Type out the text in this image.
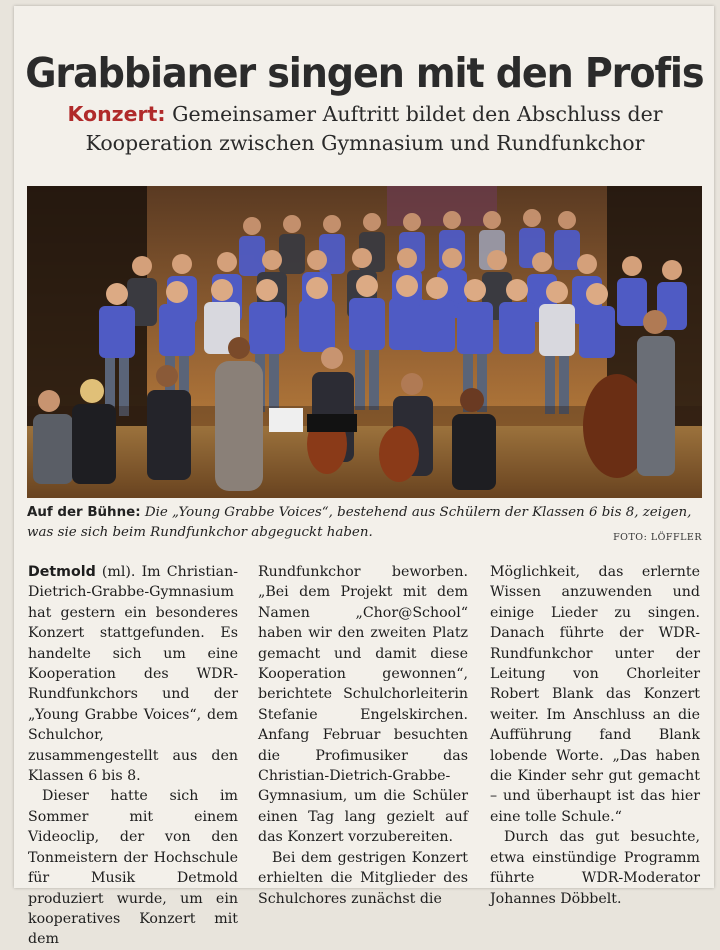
Grabbianer singen mit den Profis
Konzert: Gemeinsamer Auftritt bildet den Abschluss der Kooperation zwischen Gymnasium und Rundfunkchor
Auf der Bühne: Die „Young Grabbe Voices“, bestehend aus Schülern der Klassen 6 bis 8, zeigen, was sie sich beim Rundfunkchor abgeguckt haben.	FOTO: LÖFFLER

Detmold (ml). Im Christian-Dietrich-Grabbe-Gymnasium hat gestern ein besonderes Konzert stattgefunden. Es handelte sich um eine Kooperation des WDR-Rundfunkchors und der „Young Grabbe Voices“, dem Schulchor, zusammengestellt aus den Klassen 6 bis 8.

Dieser hatte sich im Sommer mit einem Videoclip, der von den Tonmeistern der Hochschule für Musik Detmold produziert wurde, um ein kooperatives Konzert mit dem

Rundfunkchor beworben. „Bei dem Projekt mit dem Namen „Chor@School“ haben wir den zweiten Platz gemacht und damit diese Kooperation gewonnen“, berichtete Schulchorleiterin Stefanie Engelskirchen. Anfang Februar besuchten die Profimusiker das Christian-Dietrich-Grabbe-Gymnasium, um die Schüler einen Tag lang gezielt auf das Konzert vorzubereiten.

Bei dem gestrigen Konzert erhielten die Mitglieder des Schulchores zunächst die

Möglichkeit, das erlernte Wissen anzuwenden und einige Lieder zu singen. Danach führte der WDR-Rundfunkchor unter der Leitung von Chorleiter Robert Blank das Konzert weiter. Im Anschluss an die Aufführung fand Blank lobende Worte. „Das haben die Kinder sehr gut gemacht – und überhaupt ist das hier eine tolle Schule.“

Durch das gut besuchte, etwa einstündige Programm führte WDR-Moderator Johannes Döbbelt.
